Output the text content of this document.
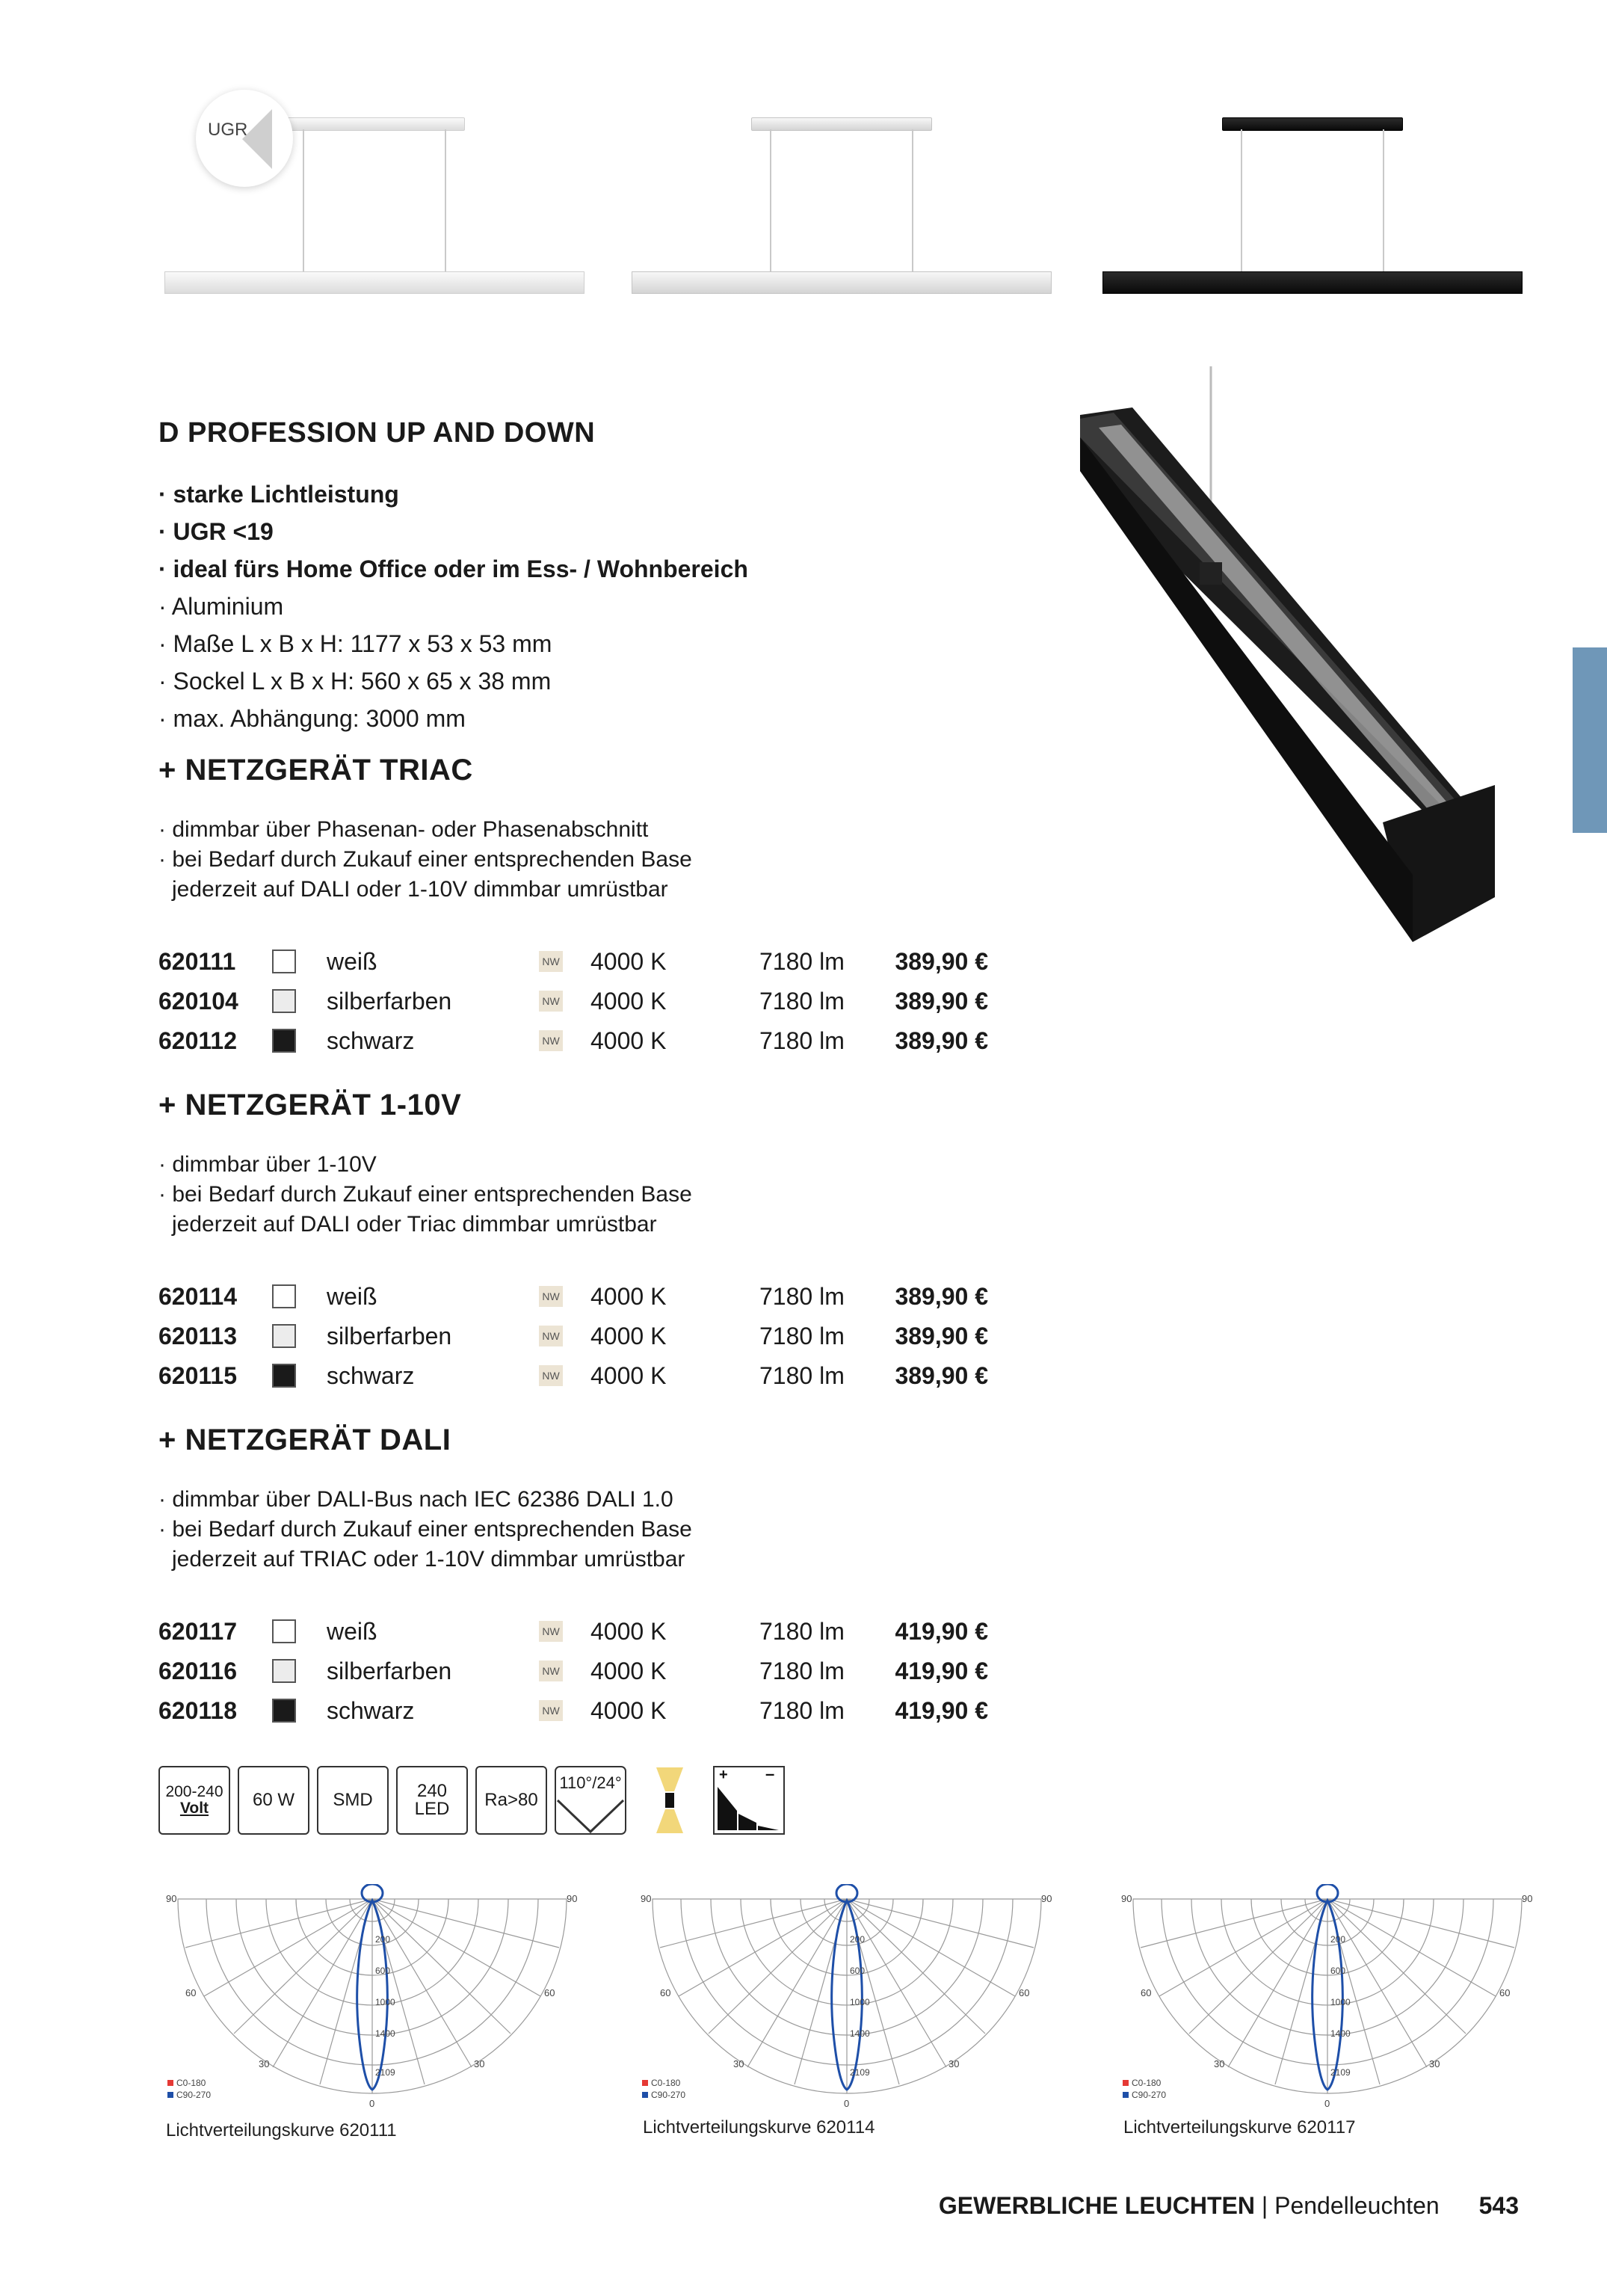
UGR
D PROFESSION UP AND DOWN
· starke Lichtleistung
· UGR <19
· ideal fürs Home Office oder im Ess- / Wohnbereich
· Aluminium
· Maße L x B x H: 1177 x 53 x 53 mm
· Sockel L x B x H: 560 x 65 x 38 mm
· max. Abhängung: 3000 mm
+ NETZGERÄT TRIAC
· dimmbar über Phasenan- oder Phasenabschnitt
· bei Bedarf durch Zukauf einer entsprechenden Base
jederzeit auf DALI oder 1-10V dimmbar umrüstbar
620111	weiß	NW 4000 K	7180 lm 389,90 €
620104	silberfarben	NW 4000 K	7180 lm 389,90 €
620112	schwarz	NW 4000 K	7180 lm 389,90 €
+ NETZGERÄT 1-10V
· dimmbar über 1-10V
· bei Bedarf durch Zukauf einer entsprechenden Base
jederzeit auf DALI oder Triac dimmbar umrüstbar
620114	weiß	NW 4000 K	7180 lm 389,90 €
620113	silberfarben	NW 4000 K	7180 lm 389,90 €
620115	schwarz	NW 4000 K	7180 lm 389,90 €
+ NETZGERÄT DALI
· dimmbar über DALI-Bus nach IEC 62386 DALI 1.0
· bei Bedarf durch Zukauf einer entsprechenden Base
jederzeit auf TRIAC oder 1-10V dimmbar umrüstbar
620117	weiß	NW 4000 K	7180 lm 419,90 €
620116	silberfarben	NW 4000 K	7180 lm 419,90 €
620118	schwarz	NW 4000 K	7180 lm 419,90 €
200-240
Volt 60 W SMD 240
LED Ra>80
110°/24°	+ –
90	90
60	60
30	30
0
200
600
1000
1400
2109
C0-180
C90-270
Lichtverteilungskurve 620111
90	90
60	60
30	30
0
200
600
1000
1400
2109
C0-180
C90-270
Lichtverteilungskurve 620114
90	90
60	60
30	30
0
200
600
1000
1400
2109
C0-180
C90-270
Lichtverteilungskurve 620117
GEWERBLICHE LEUCHTEN | Pendelleuchten 543
